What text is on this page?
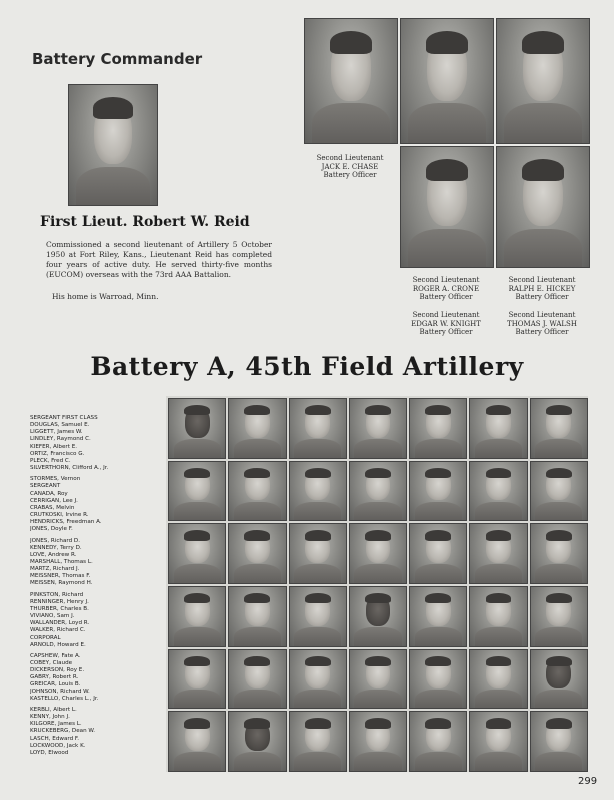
Battery Commander
First Lieut. Robert W. Reid

Commissioned a second lieutenant of Artillery 5 October 1950 at Fort Riley, Kans., Lieutenant Reid has completed four years of active duty. He served thirty-five months (EUCOM) overseas with the 73rd AAA Battalion.

His home is Warroad, Minn.

Second Lieutenant
JACK E. CHASE
Battery Officer
Second Lieutenant
ROGER A. CRONE
Battery Officer
Second Lieutenant
RALPH E. HICKEY
Battery Officer
Second Lieutenant
EDGAR W. KNIGHT
Battery Officer
Second Lieutenant
THOMAS J. WALSH
Battery Officer
Battery A, 45th Field Artillery
SERGEANT FIRST CLASS
DOUGLAS, Samuel E.
LIGGETT, James W.
LINDLEY, Raymond C.
KIEFER, Albert E.
ORTIZ, Francisco G.
PLECK, Fred C.
SILVERTHORN, Clifford A., Jr.
STORMES, Vernon
SERGEANT
CANADA, Roy
CERRIGAN, Lee J.
CRABAS, Melvin
CRUTKOSKI, Irvine R.
HENDRICKS, Freedman A.
JONES, Doyle F.
JONES, Richard D.
KENNEDY, Terry D.
LOVE, Andrew R.
MARSHALL, Thomas L.
MARTZ, Richard J.
MEISSNER, Thomas F.
MEISSEN, Raymond H.
PINKSTON, Richard
RENNINGER, Henry J.
THURBER, Charles B.
VIVIANO, Sam J.
WALLANDER, Loyd R.
WALKER, Richard C.
CORPORAL
ARNOLD, Howard E.
CAPSHEW, Fate A.
COBEY, Claude
DICKERSON, Roy E.
GABRY, Robert R.
GREICAR, Louis B.
JOHNSON, Richard W.
KASTELLO, Charles L., Jr.
KERBLI, Albert L.
KENNY, John J.
KILGORE, James L.
KRUCKEBERG, Dean W.
LASCH, Edward F.
LOCKWOOD, Jack K.
LOYD, Elwood
299
